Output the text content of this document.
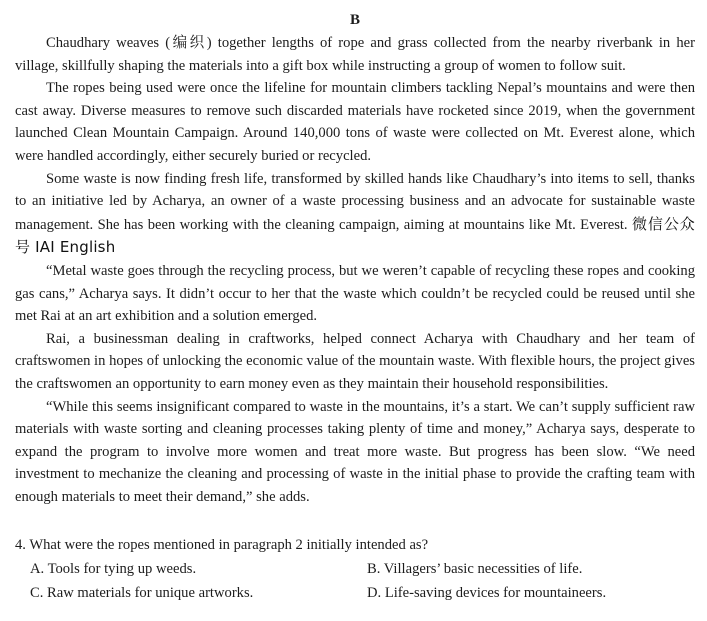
B

Chaudhary weaves (编织) together lengths of rope and grass collected from the nearby riverbank in her village, skillfully shaping the materials into a gift box while instructing a group of women to follow suit.

The ropes being used were once the lifeline for mountain climbers tackling Nepal’s mountains and were then cast away. Diverse measures to remove such discarded materials have rocketed since 2019, when the government launched Clean Mountain Campaign. Around 140,000 tons of waste were collected on Mt. Everest alone, which were handled accordingly, either securely buried or recycled.

Some waste is now finding fresh life, transformed by skilled hands like Chaudhary’s into items to sell, thanks to an initiative led by Acharya, an owner of a waste processing business and an advocate for sustainable waste management. She has been working with the cleaning campaign, aiming at mountains like Mt. Everest. 微信公众号 IAI English

“Metal waste goes through the recycling process, but we weren’t capable of recycling these ropes and cooking gas cans,” Acharya says. It didn’t occur to her that the waste which couldn’t be recycled could be reused until she met Rai at an art exhibition and a solution emerged.

Rai, a businessman dealing in craftworks, helped connect Acharya with Chaudhary and her team of craftswomen in hopes of unlocking the economic value of the mountain waste. With flexible hours, the project gives the craftswomen an opportunity to earn money even as they maintain their household responsibilities.

“While this seems insignificant compared to waste in the mountains, it’s a start. We can’t supply sufficient raw materials with waste sorting and cleaning processes taking plenty of time and money,” Acharya says, desperate to expand the program to involve more women and treat more waste. But progress has been slow. “We need investment to mechanize the cleaning and processing of waste in the initial phase to provide the crafting team with enough materials to meet their demand,” she adds.

4. What were the ropes mentioned in paragraph 2 initially intended as?

A. Tools for tying up weeds.	B. Villagers’ basic necessities of life.
C. Raw materials for unique artworks.	D. Life-saving devices for mountaineers.
